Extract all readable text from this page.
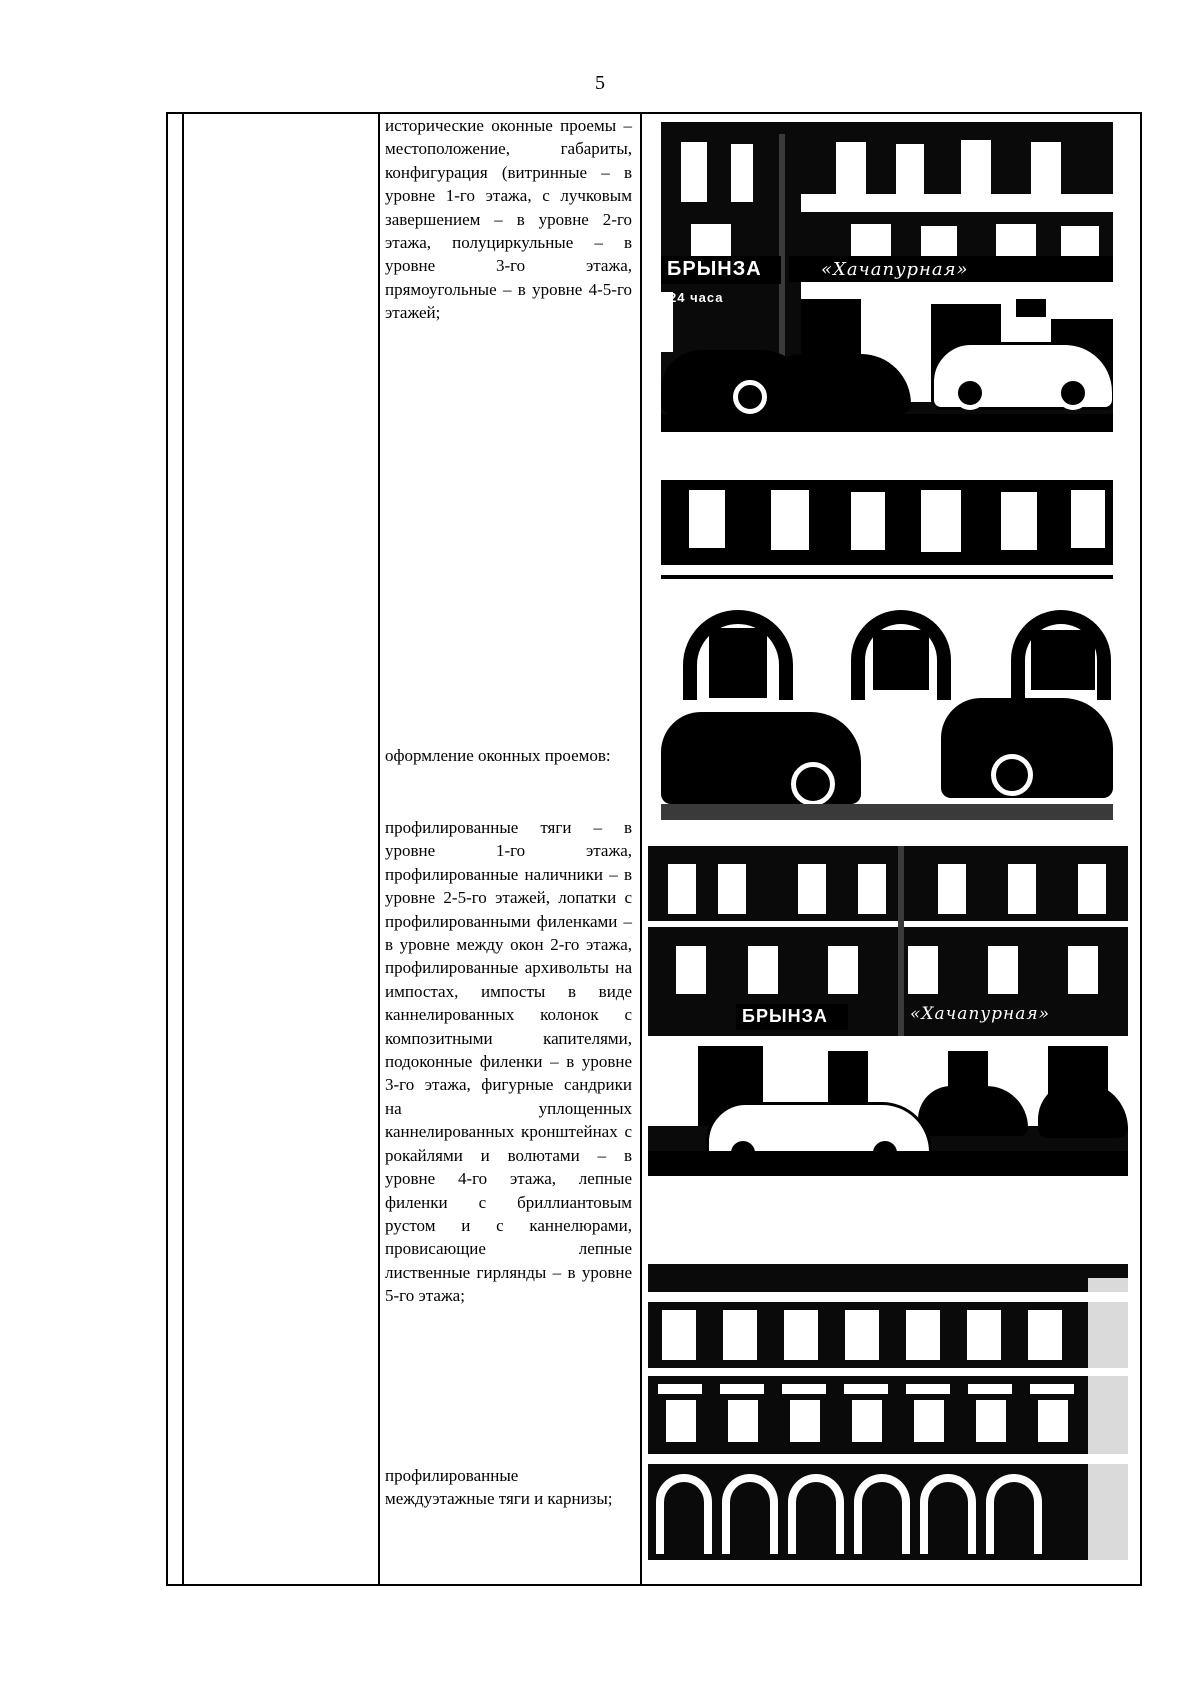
5

исторические оконные проемы – местоположение, габариты, конфигурация (витринные – в уровне 1-го этажа, с лучковым завершением – в уровне 2-го этажа, полуциркульные – в уровне 3-го этажа, прямоугольные – в уровне 4-5-го этажей;

оформление оконных проемов:

профилированные тяги – в уровне 1-го этажа, профилированные наличники – в уровне 2-5-го этажей, лопатки с профилированными филенками – в уровне между окон 2-го этажа, профилированные архивольты на импостах, импосты в виде каннелированных колонок с композитными капителями, подоконные филенки – в уровне 3-го этажа, фигурные сандрики на уплощенных каннелированных кронштейнах с рокайлями и волютами – в уровне 4-го этажа, лепные филенки с бриллиантовым рустом и с каннелюрами, провисающие лепные лиственные гирлянды – в уровне 5-го этажа;

профилированные междуэтажные тяги и карнизы;

БРЫНЗА	«Хачапурная»
24 часа
БРЫНЗА	«Хачапурная»
